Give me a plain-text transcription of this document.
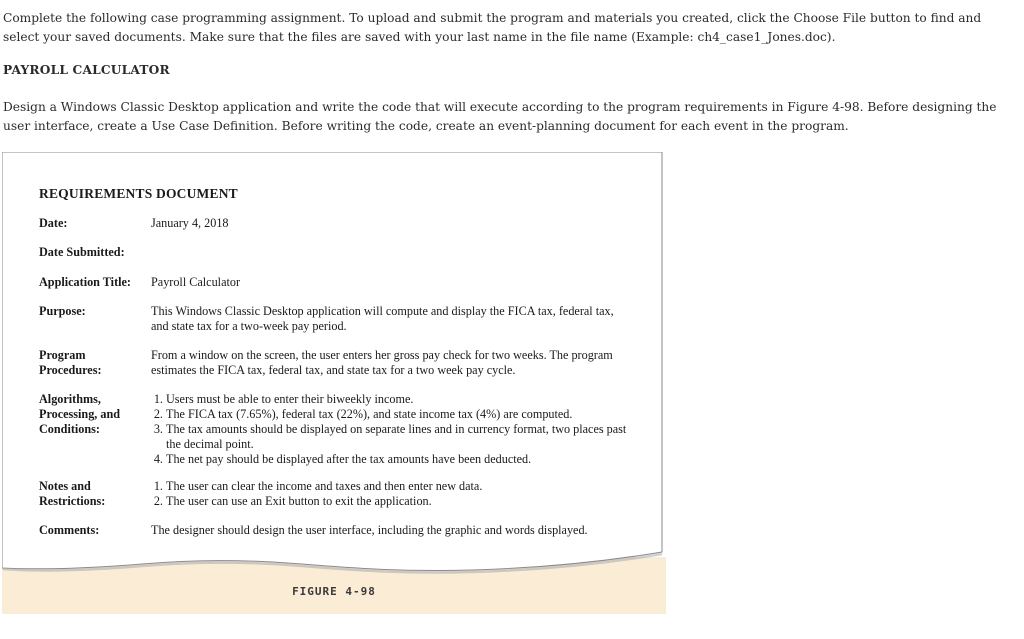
Complete the following case programming assignment. To upload and submit the program and materials you created, click the Choose File button to find and select your saved documents. Make sure that the files are saved with your last name in the file name (Example: ch4_case1_Jones.doc).
PAYROLL CALCULATOR
Design a Windows Classic Desktop application and write the code that will execute according to the program requirements in Figure 4-98. Before designing the user interface, create a Use Case Definition. Before writing the code, create an event-planning document for each event in the program.
REQUIREMENTS DOCUMENT
Date:	January 4, 2018
Date Submitted:
Application Title:	Payroll Calculator
Purpose:	This Windows Classic Desktop application will compute and display the FICA tax, federal tax, and state tax for a two-week pay period.
Program
Procedures:
From a window on the screen, the user enters her gross pay check for two weeks. The program estimates the FICA tax, federal tax, and state tax for a two week pay cycle.
Algorithms,
Processing, and
Conditions:
1. Users must be able to enter their biweekly income.
2. The FICA tax (7.65%), federal tax (22%), and state income tax (4%) are computed.
3. The tax amounts should be displayed on separate lines and in currency format, two places past the decimal point.
4. The net pay should be displayed after the tax amounts have been deducted.
Notes and
Restrictions:
1. The user can clear the income and taxes and then enter new data.
2. The user can use an Exit button to exit the application.
Comments:	The designer should design the user interface, including the graphic and words displayed.
FIGURE 4-98
